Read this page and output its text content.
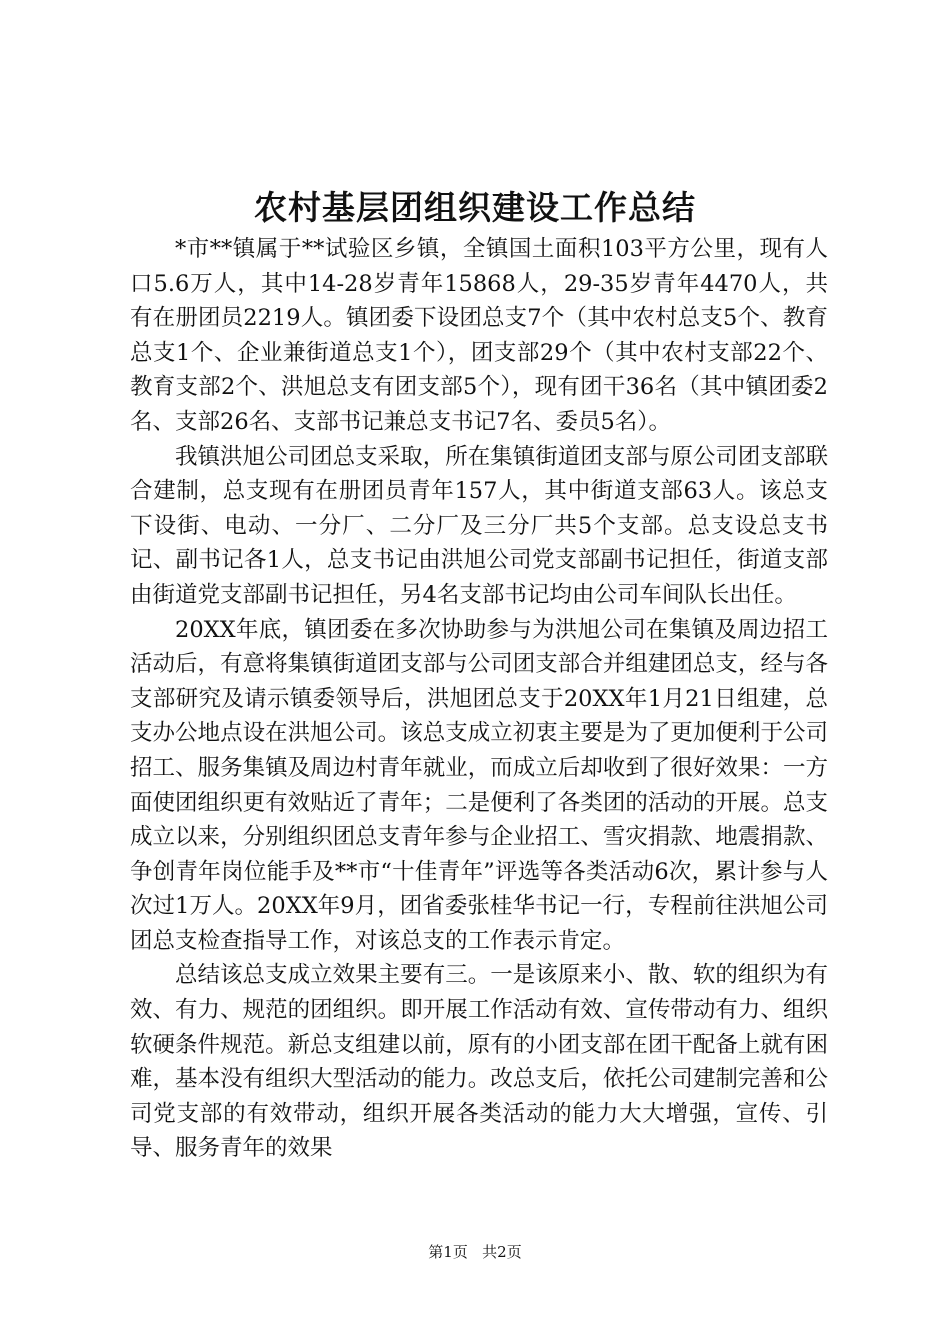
农村基层团组织建设工作总结

*市**镇属于**试验区乡镇，全镇国土面积103平方公里，现有人口5.6万人，其中14-28岁青年15868人，29-35岁青年4470人，共有在册团员2219人。镇团委下设团总支7个（其中农村总支5个、教育总支1个、企业兼街道总支1个），团支部29个（其中农村支部22个、教育支部2个、洪旭总支有团支部5个），现有团干36名（其中镇团委2名、支部26名、支部书记兼总支书记7名、委员5名）。

我镇洪旭公司团总支采取，所在集镇街道团支部与原公司团支部联合建制，总支现有在册团员青年157人，其中街道支部63人。该总支下设街、电动、一分厂、二分厂及三分厂共5个支部。总支设总支书记、副书记各1人，总支书记由洪旭公司党支部副书记担任，街道支部由街道党支部副书记担任，另4名支部书记均由公司车间队长出任。

20XX年底，镇团委在多次协助参与为洪旭公司在集镇及周边招工活动后，有意将集镇街道团支部与公司团支部合并组建团总支，经与各支部研究及请示镇委领导后，洪旭团总支于20XX年1月21日组建，总支办公地点设在洪旭公司。该总支成立初衷主要是为了更加便利于公司招工、服务集镇及周边村青年就业，而成立后却收到了很好效果：一方面使团组织更有效贴近了青年；二是便利了各类团的活动的开展。总支成立以来，分别组织团总支青年参与企业招工、雪灾捐款、地震捐款、争创青年岗位能手及**市“十佳青年”评选等各类活动6次，累计参与人次过1万人。20XX年9月，团省委张桂华书记一行，专程前往洪旭公司团总支检查指导工作，对该总支的工作表示肯定。

总结该总支成立效果主要有三。一是该原来小、散、软的组织为有效、有力、规范的团组织。即开展工作活动有效、宣传带动有力、组织软硬条件规范。新总支组建以前，原有的小团支部在团干配备上就有困难，基本没有组织大型活动的能力。改总支后，依托公司建制完善和公司党支部的有效带动，组织开展各类活动的能力大大增强，宣传、引导、服务青年的效果

第1页 共2页
